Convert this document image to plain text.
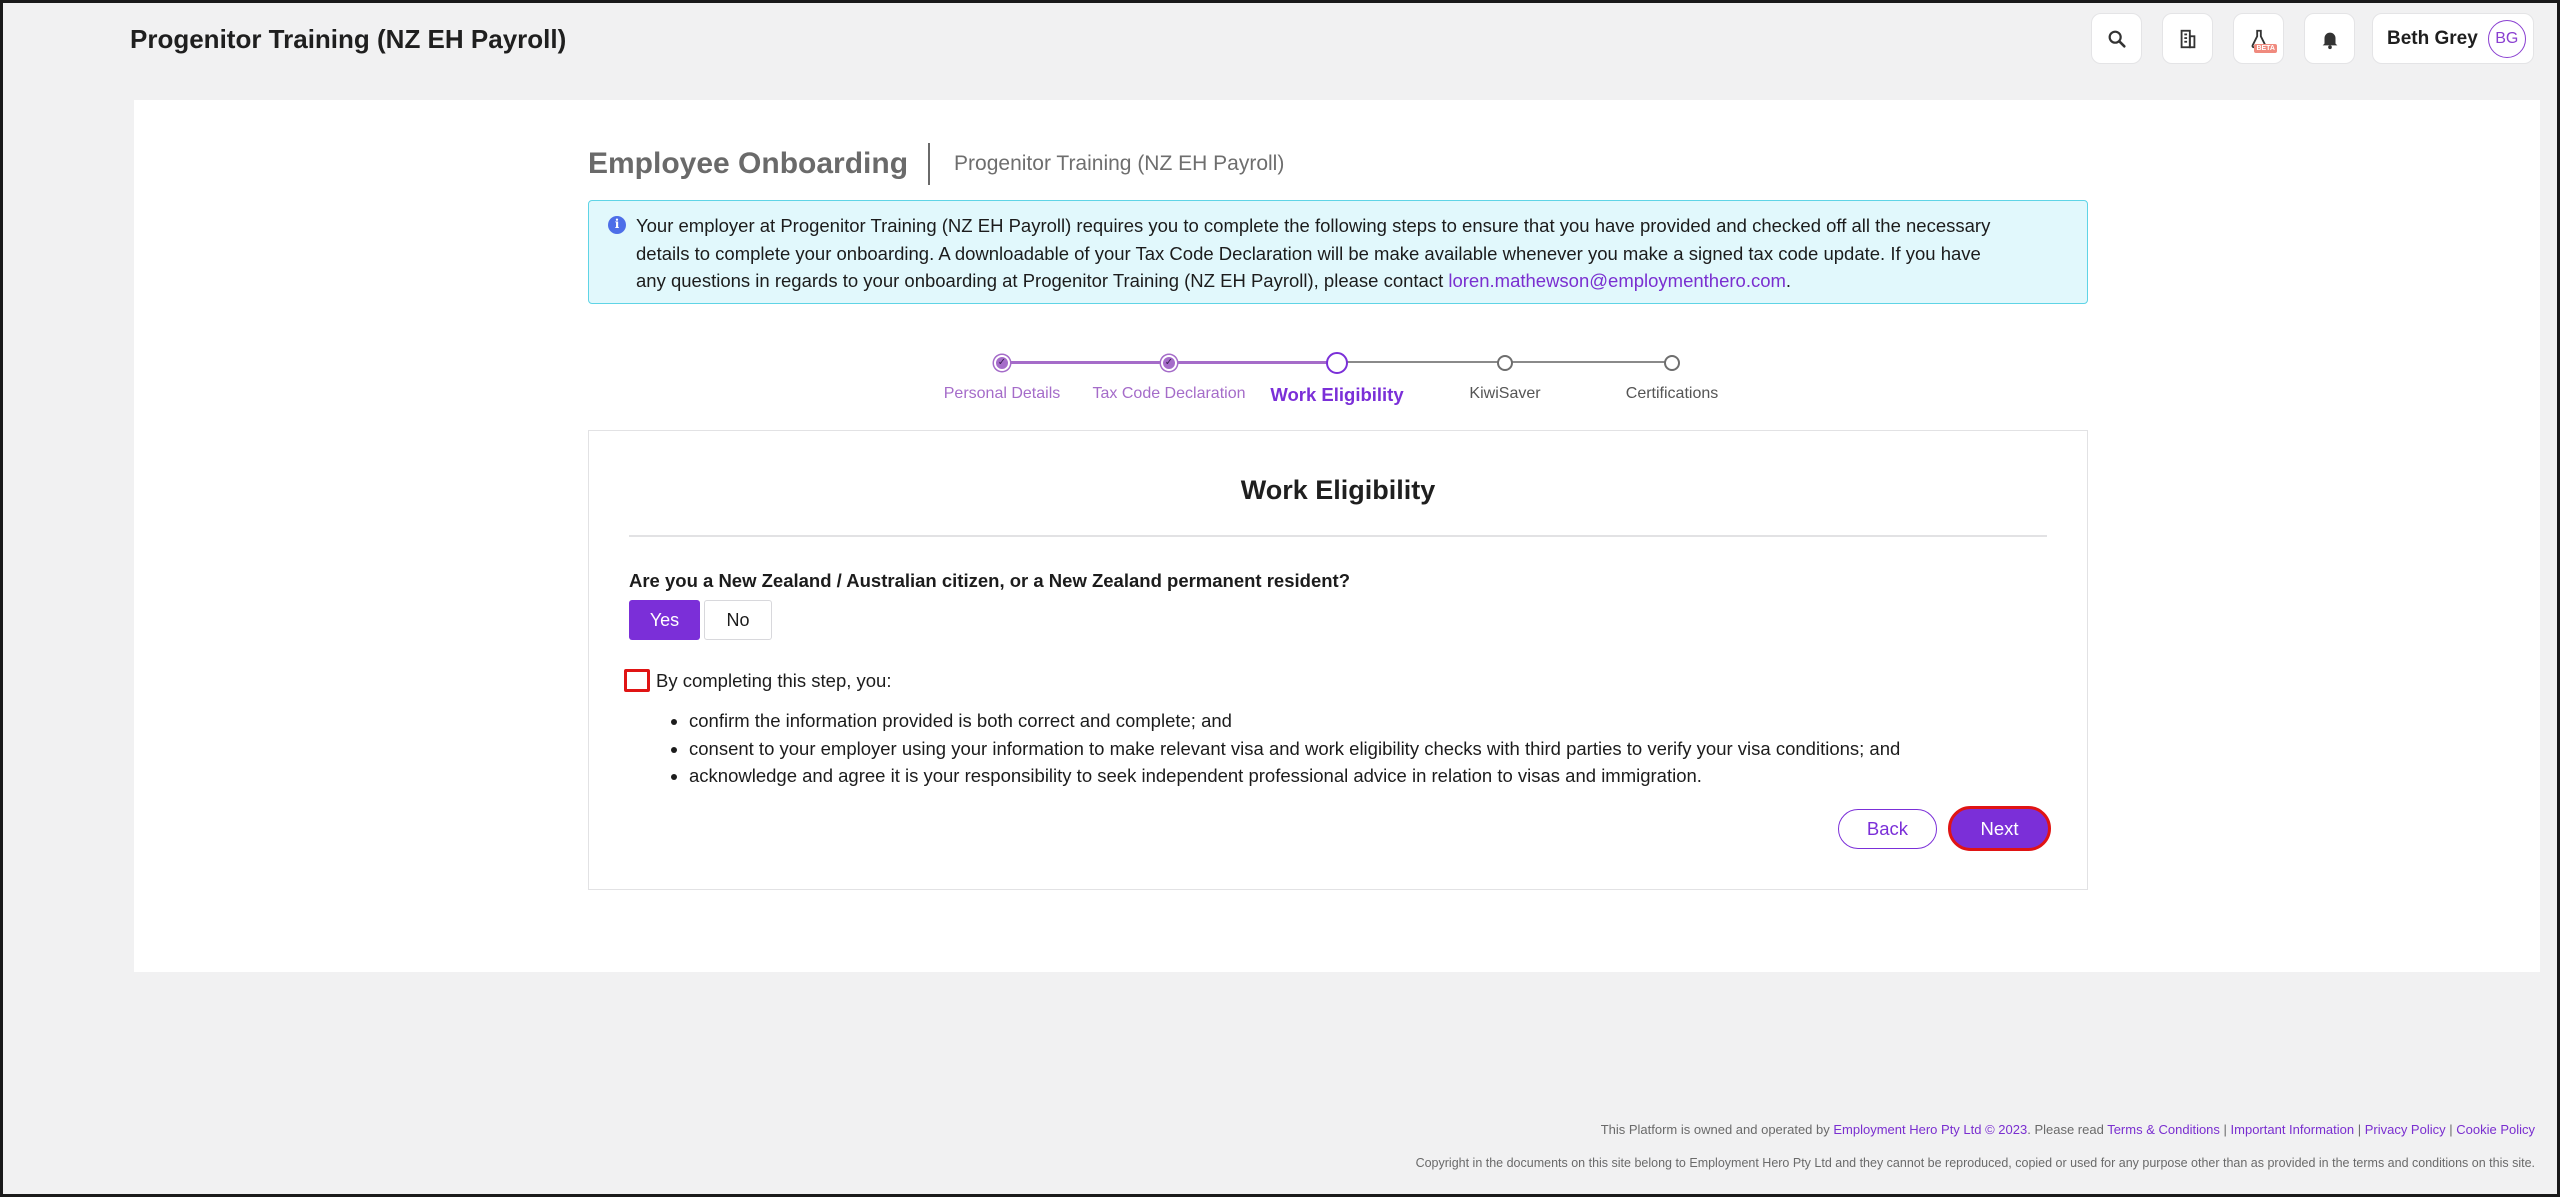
Progenitor Training (NZ EH Payroll)	BETA	Beth Grey	BG
Employee Onboarding Progenitor Training (NZ EH Payroll)
i Your employer at Progenitor Training (NZ EH Payroll) requires you to complete the following steps to ensure that you have provided and checked off all the necessary
details to complete your onboarding. A downloadable of your Tax Code Declaration will be make available whenever you make a signed tax code update. If you have
any questions in regards to your onboarding at Progenitor Training (NZ EH Payroll), please contact loren.mathewson@employmenthero.com.
✓
Personal Details
✓
Tax Code Declaration Work Eligibility	KiwiSaver	Certifications
Work Eligibility
Are you a New Zealand / Australian citizen, or a New Zealand permanent resident?
Yes	No
By completing this step, you:
• confirm the information provided is both correct and complete; and
• consent to your employer using your information to make relevant visa and work eligibility checks with third parties to verify your visa conditions; and
• acknowledge and agree it is your responsibility to seek independent professional advice in relation to visas and immigration.
Back	Next
This Platform is owned and operated by Employment Hero Pty Ltd © 2023. Please read Terms & Conditions | Important Information | Privacy Policy | Cookie Policy
Copyright in the documents on this site belong to Employment Hero Pty Ltd and they cannot be reproduced, copied or used for any purpose other than as provided in the terms and conditions on this site.
